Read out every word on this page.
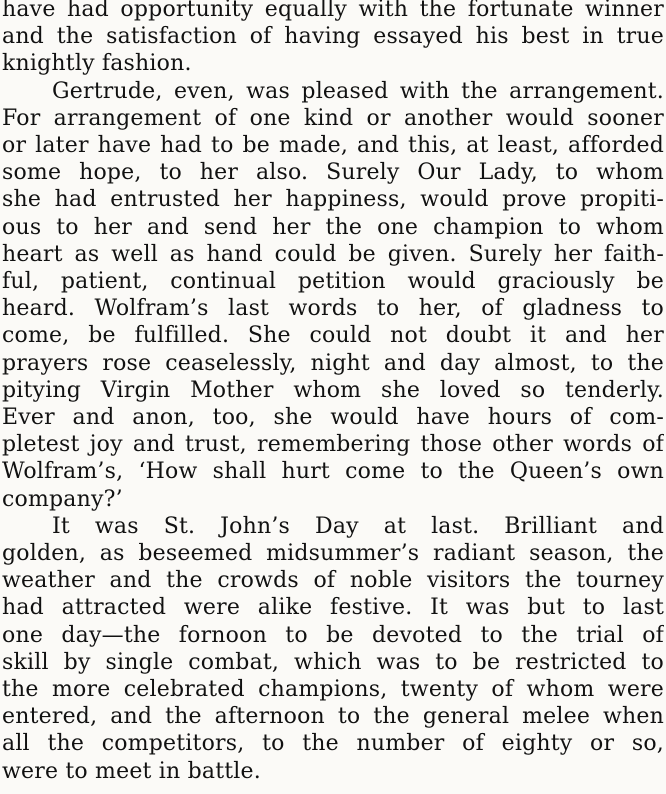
have had opportunity equally with the fortunate winner
and the satisfaction of having essayed his best in true
knightly fashion.
Gertrude, even, was pleased with the arrangement.
For arrangement of one kind or another would sooner
or later have had to be made, and this, at least, afforded
some hope, to her also. Surely Our Lady, to whom
she had entrusted her happiness, would prove propiti-
ous to her and send her the one champion to whom
heart as well as hand could be given. Surely her faith-
ful, patient, continual petition would graciously be
heard. Wolfram’s last words to her, of gladness to
come, be fulfilled. She could not doubt it and her
prayers rose ceaselessly, night and day almost, to the
pitying Virgin Mother whom she loved so tenderly.
Ever and anon, too, she would have hours of com-
pletest joy and trust, remembering those other words of
Wolfram’s, ‘How shall hurt come to the Queen’s own
company?’
It was St. John’s Day at last. Brilliant and
golden, as beseemed midsummer’s radiant season, the
weather and the crowds of noble visitors the tourney
had attracted were alike festive. It was but to last
one day—the fornoon to be devoted to the trial of
skill by single combat, which was to be restricted to
the more celebrated champions, twenty of whom were
entered, and the afternoon to the general melee when
all the competitors, to the number of eighty or so,
were to meet in battle.
